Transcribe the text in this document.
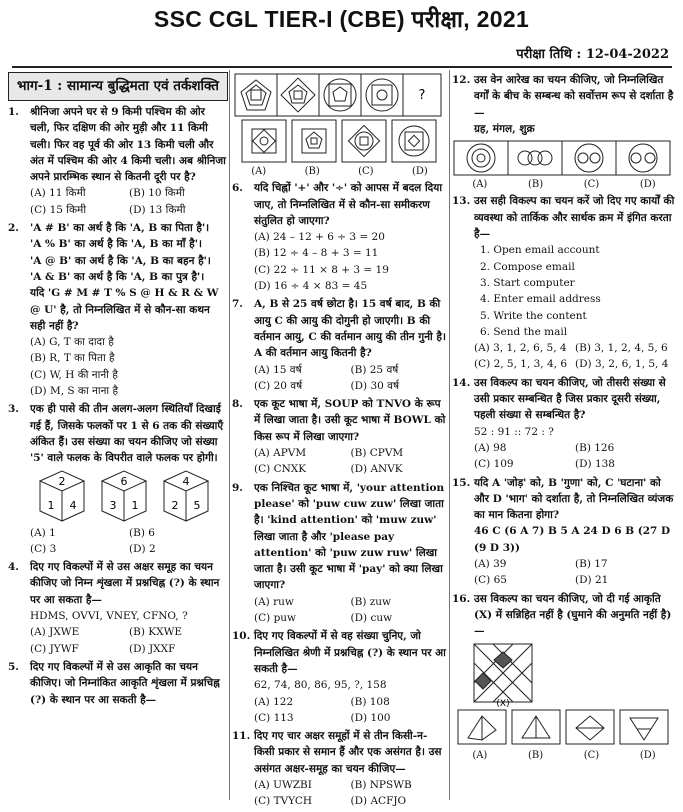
SSC CGL TIER-I (CBE) परीक्षा, 2021
परीक्षा तिथि : 12-04-2022
भाग-1 : सामान्य बुद्धिमता एवं तर्कशक्ति
1.	श्रीनिजा अपने घर से 9 किमी पश्चिम की ओर चली, फिर दक्षिण की ओर मुड़ी और 11 किमी चली। फिर वह पूर्व की ओर 13 किमी चली और अंत में पश्चिम की ओर 4 किमी चली। अब श्रीनिजा अपने प्रारम्भिक स्थान से कितनी दूरी पर है?
(A) 11 किमी	(B) 10 किमी
(C) 15 किमी	(D) 13 किमी
2.	'A # B' का अर्थ है कि 'A, B का पिता है'।
'A % B' का अर्थ है कि 'A, B का माँ है'।
'A @ B' का अर्थ है कि 'A, B का बहन है'।
'A & B' का अर्थ है कि 'A, B का पुत्र है'।
यदि 'G # M # T % S @ H & R & W @ U' है, तो निम्नलिखित में से कौन-सा कथन सही नहीं है?
(A) G, T का दादा है
(B) R, T का पिता है
(C) W, H की नानी है
(D) M, S का नाना है
3.	एक ही पासे की तीन अलग-अलग स्थितियाँ दिखाई गई हैं, जिसके फलकों पर 1 से 6 तक की संख्याएँ अंकित हैं। उस संख्या का चयन कीजिए जो संख्या '5' वाले फलक के विपरीत वाले फलक पर होगी।
2
1 4
6
3 1
4
2 5
(A) 1	(B) 6
(C) 3	(D) 2
4.	दिए गए विकल्पों में से उस अक्षर समूह का चयन कीजिए जो निम्न शृंखला में प्रश्नचिह्न (?) के स्थान पर आ सकता है—
HDMS, OVVI, VNEY, CFNO, ?
(A) JXWE	(B) KXWE
(C) JYWF	(D) JXXF
5.	दिए गए विकल्पों में से उस आकृति का चयन कीजिए। जो निम्नांकित आकृति शृंखला में प्रश्नचिह्न (?) के स्थान पर आ सकती है—
?
(A)	(B)	(C)	(D)
6.	यदि चिह्नों '+' और '÷' को आपस में बदल दिया जाए, तो निम्नलिखित में से कौन-सा समीकरण संतुलित हो जाएगा?
(A) 24 – 12 + 6 ÷ 3 = 20
(B) 12 ÷ 4 – 8 + 3 = 11
(C) 22 ÷ 11 × 8 + 3 = 19
(D) 16 ÷ 4 × 83 = 45
7.	A, B से 25 वर्ष छोटा है। 15 वर्ष बाद, B की आयु C की आयु की दोगुनी हो जाएगी। B की वर्तमान आयु, C की वर्तमान आयु की तीन गुनी है। A की वर्तमान आयु कितनी है?
(A) 15 वर्ष	(B) 25 वर्ष
(C) 20 वर्ष	(D) 30 वर्ष
8.	एक कूट भाषा में, SOUP को TNVO के रूप में लिखा जाता है। उसी कूट भाषा में BOWL को किस रूप में लिखा जाएगा?
(A) APVM	(B) CPVM
(C) CNXK	(D) ANVK
9.	एक निश्चित कूट भाषा में, 'your attention please' को 'puw cuw zuw' लिखा जाता है। 'kind attention' को 'muw zuw' लिखा जाता है और 'please pay attention' को 'puw zuw ruw' लिखा जाता है। उसी कूट भाषा में 'pay' को क्या लिखा जाएगा?
(A) ruw	(B) zuw
(C) puw	(D) cuw
10. दिए गए विकल्पों में से वह संख्या चुनिए, जो निम्नलिखित श्रेणी में प्रश्नचिह्न (?) के स्थान पर आ सकती है—
62, 74, 80, 86, 95, ?, 158
(A) 122	(B) 108
(C) 113	(D) 100
11. दिए गए चार अक्षर समूहों में से तीन किसी-न-किसी प्रकार से समान हैं और एक असंगत है। उस असंगत अक्षर-समूह का चयन कीजिए—
(A) UWZBI	(B) NPSWB
(C) TVYCH	(D) ACFJO
12. उस वेन आरेख का चयन कीजिए, जो निम्नलिखित वर्गों के बीच के सम्बन्ध को सर्वोत्तम रूप से दर्शाता है—
ग्रह, मंगल, शुक्र
(A)	(B)	(C)	(D)
13. उस सही विकल्प का चयन करें जो दिए गए कार्यों की व्यवस्था को तार्किक और सार्थक क्रम में इंगित करता है—
1. Open email account
2. Compose email
3. Start computer
4. Enter email address
5. Write the content
6. Send the mail
(A) 3, 1, 2, 6, 5, 4 (B) 3, 1, 2, 4, 5, 6
(C) 2, 5, 1, 3, 4, 6 (D) 3, 2, 6, 1, 5, 4
14. उस विकल्प का चयन कीजिए, जो तीसरी संख्या से उसी प्रकार सम्बन्धित है जिस प्रकार दूसरी संख्या, पहली संख्या से सम्बन्धित है?
52 : 91 :: 72 : ?
(A) 98	(B) 126
(C) 109	(D) 138
15. यदि A 'जोड़' को, B 'गुणा' को, C 'घटाना' को और D 'भाग' को दर्शाता है, तो निम्नलिखित व्यंजक का मान कितना होगा?
46 C (6 A 7) B 5 A 24 D 6 B (27 D (9 D 3))
(A) 39	(B) 17
(C) 65	(D) 21
16. उस विकल्प का चयन कीजिए, जो दी गई आकृति (X) में सन्निहित नहीं है (घुमाने की अनुमति नहीं है)—
(X)
(A)	(B)	(C)	(D)
